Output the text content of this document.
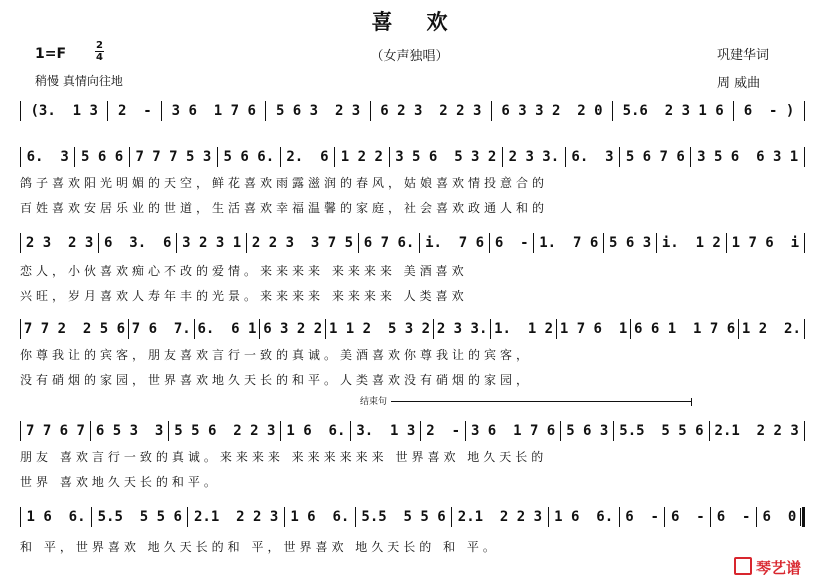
喜欢
（女声独唱）
1=F
2
4
稍慢 真情向往地
巩建华词
周 威曲
(3.  1 3 2  - 3 6  1 7 6 5 6 3  2 3 6 2 3  2 2 3 6 3 3 2  2 0 5.6  2 3 1 6 6  - )
6.  3 5 6 6 7 7 7 5 3 5 6 6. 2.  6 1 2 2 3 5 6  5 3 2 2 3 3. 6.  3 5 6 7 6 3 5 6  6 3 1
鸽子喜欢阳光明媚的天空，鲜花喜欢雨露滋润的春风，姑娘喜欢情投意合的
百姓喜欢安居乐业的世道，生活喜欢幸福温馨的家庭，社会喜欢政通人和的
2 3  2 3 6  3.  6 3 2 3 1 2 2 3  3 7 5 6 7 6. i.  7 6 6  - 1.  7 6 5 6 3 i.  1 2 1 7 6  i
恋人，小伙喜欢痴心不改的爱情。来来来来 来来来来 美酒喜欢
兴旺，岁月喜欢人寿年丰的光景。来来来来 来来来来 人类喜欢
7 7 2  2 5 6 7 6  7. 6.  6 1 6 3 2 2 1 1 2  5 3 2 2 3 3. 1.  1 2 1 7 6  1 6 6 1  1 7 6 1 2  2.
你尊我让的宾客，朋友喜欢言行一致的真诚。美酒喜欢你尊我让的宾客，
没有硝烟的家园，世界喜欢地久天长的和平。人类喜欢没有硝烟的家园，
7 7 6 7 6 5 3  3 5 5 6  2 2 3 1 6  6. 3.  1 3 2  - 3 6  1 7 6 5 6 3 5.5  5 5 6 2.1  2 2 3
朋友 喜欢言行一致的真诚。来来来来 来来来来来来 世界喜欢 地久天长的
世界 喜欢地久天长的和平。
1 6  6. 5.5  5 5 6 2.1  2 2 3 1 6  6. 5.5  5 5 6 2.1  2 2 3 1 6  6. 6  - 6  - 6  - 6  0
和 平，世界喜欢 地久天长的和 平，世界喜欢 地久天长的 和 平。
结束句
琴艺谱
